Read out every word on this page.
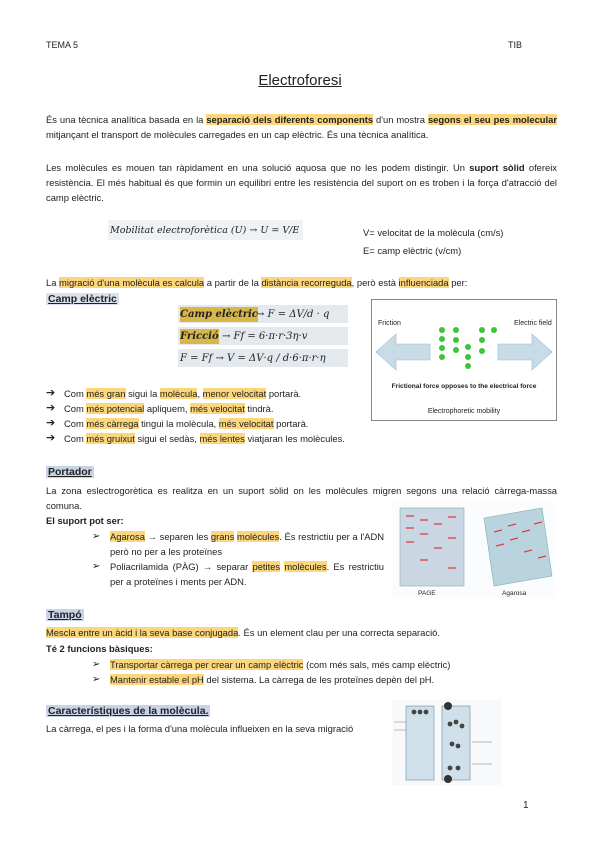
TEMA 5	TIB
Electroforesi
És una tècnica analítica basada en la separació dels diferents components d'un mostra segons el seu pes molecular mitjançant el transport de molècules carregades en un cap elèctric. És una tècnica analítica.
Les molècules es mouen tan ràpidament en una solució aquosa que no les podem distingir. Un suport sòlid ofereix resistència. El més habitual és que formin un equilibri entre les resistència del suport on es troben i la força d'atracció del camp elèctric.
Mobilitat electroforètica (U) → U = V/E	V= velocitat de la molècula (cm/s)
E= camp elèctric (v/cm)
La migració d'una molècula es calcula a partir de la distància recorreguda, però està influenciada per:
Camp elèctric
Camp elèctric
→ F = ΔV/d · q
Fricció → Ff = 6·π·r·3η·v
F = Ff → V = ΔV·q / d·6·π·r·η
Friction	Electric field
Frictional force opposes to the electrical force
Electrophoretic mobility
➔ Com més gran sigui la molècula, menor velocitat portarà.
➔ Com més potencial apliquem, més velocitat tindrà.
➔ Com més càrrega tingui la molècula, més velocitat portarà.
➔ Com més gruixut sigui el sedàs, més lentes viatjaran les molècules.
Portador
La zona eslectrogorètica es realitza en un suport sòlid on les molècules migren segons una relació càrrega-massa comuna.
El suport pot ser:
➢	Agarosa → separen les grans molècules. És restrictiu per a l'ADN però no per a les proteïnes
➢	Poliacrilamida (PÀG) → separar petites molècules. Es restrictiu per a proteïnes i ments per ADN.
PAGE	Agarosa
Tampó
Mescla entre un àcid i la seva base conjugada. És un element clau per una correcta separació.
Té 2 funcions bàsiques:
➢	Transportar càrrega per crear un camp elèctric (com més sals, més camp elèctric)
➢	Mantenir estable el pH del sistema. La càrrega de les proteïnes depèn del pH.
Característiques de la molècula.
La càrrega, el pes i la forma d'una molècula influeixen en la seva migració
1
